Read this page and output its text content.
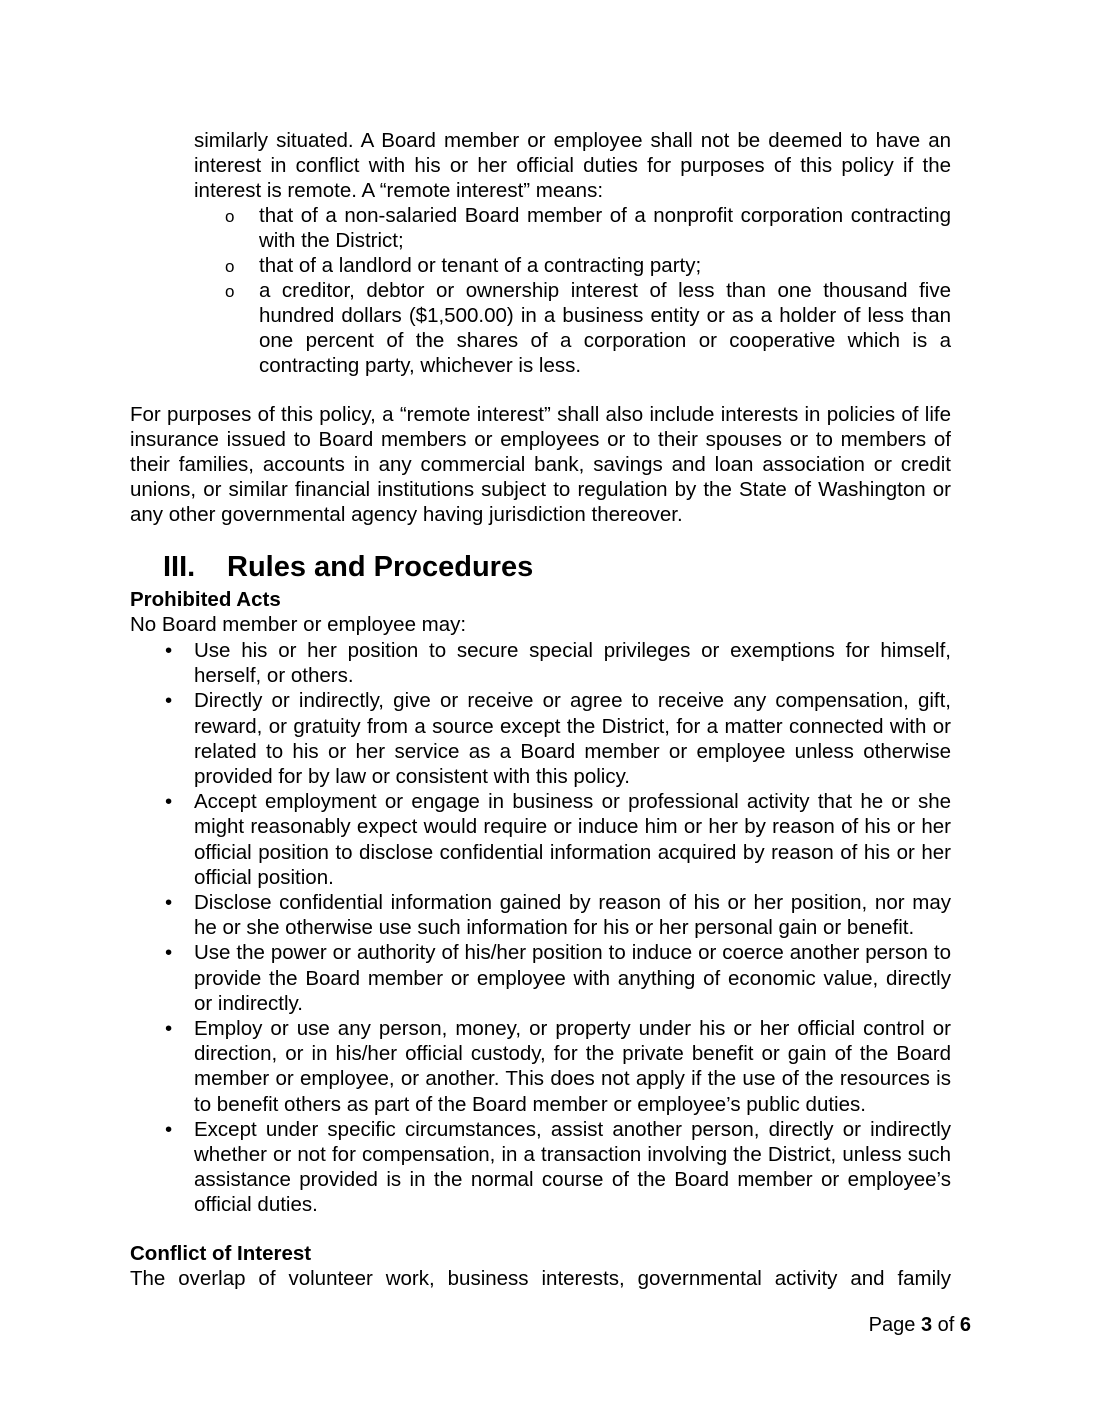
similarly situated. A Board member or employee shall not be deemed to have an interest in conflict with his or her official duties for purposes of this policy if the interest is remote. A “remote interest” means:

o that of a non-salaried Board member of a nonprofit corporation contracting with the District;

o that of a landlord or tenant of a contracting party;

o a creditor, debtor or ownership interest of less than one thousand five hundred dollars ($1,500.00) in a business entity or as a holder of less than one percent of the shares of a corporation or cooperative which is a contracting party, whichever is less.

For purposes of this policy, a “remote interest” shall also include interests in policies of life insurance issued to Board members or employees or to their spouses or to members of their families, accounts in any commercial bank, savings and loan association or credit unions, or similar financial institutions subject to regulation by the State of Washington or any other governmental agency having jurisdiction thereover.

III. Rules and Procedures
Prohibited Acts

No Board member or employee may:

• Use his or her position to secure special privileges or exemptions for himself, herself, or others.

• Directly or indirectly, give or receive or agree to receive any compensation, gift, reward, or gratuity from a source except the District, for a matter connected with or related to his or her service as a Board member or employee unless otherwise provided for by law or consistent with this policy.

• Accept employment or engage in business or professional activity that he or she might reasonably expect would require or induce him or her by reason of his or her official position to disclose confidential information acquired by reason of his or her official position.

• Disclose confidential information gained by reason of his or her position, nor may he or she otherwise use such information for his or her personal gain or benefit.

• Use the power or authority of his/her position to induce or coerce another person to provide the Board member or employee with anything of economic value, directly or indirectly.

• Employ or use any person, money, or property under his or her official control or direction, or in his/her official custody, for the private benefit or gain of the Board member or employee, or another. This does not apply if the use of the resources is to benefit others as part of the Board member or employee’s public duties.

• Except under specific circumstances, assist another person, directly or indirectly whether or not for compensation, in a transaction involving the District, unless such assistance provided is in the normal course of the Board member or employee’s official duties.

Conflict of Interest

The overlap of volunteer work, business interests, governmental activity and family

Page 3 of 6
